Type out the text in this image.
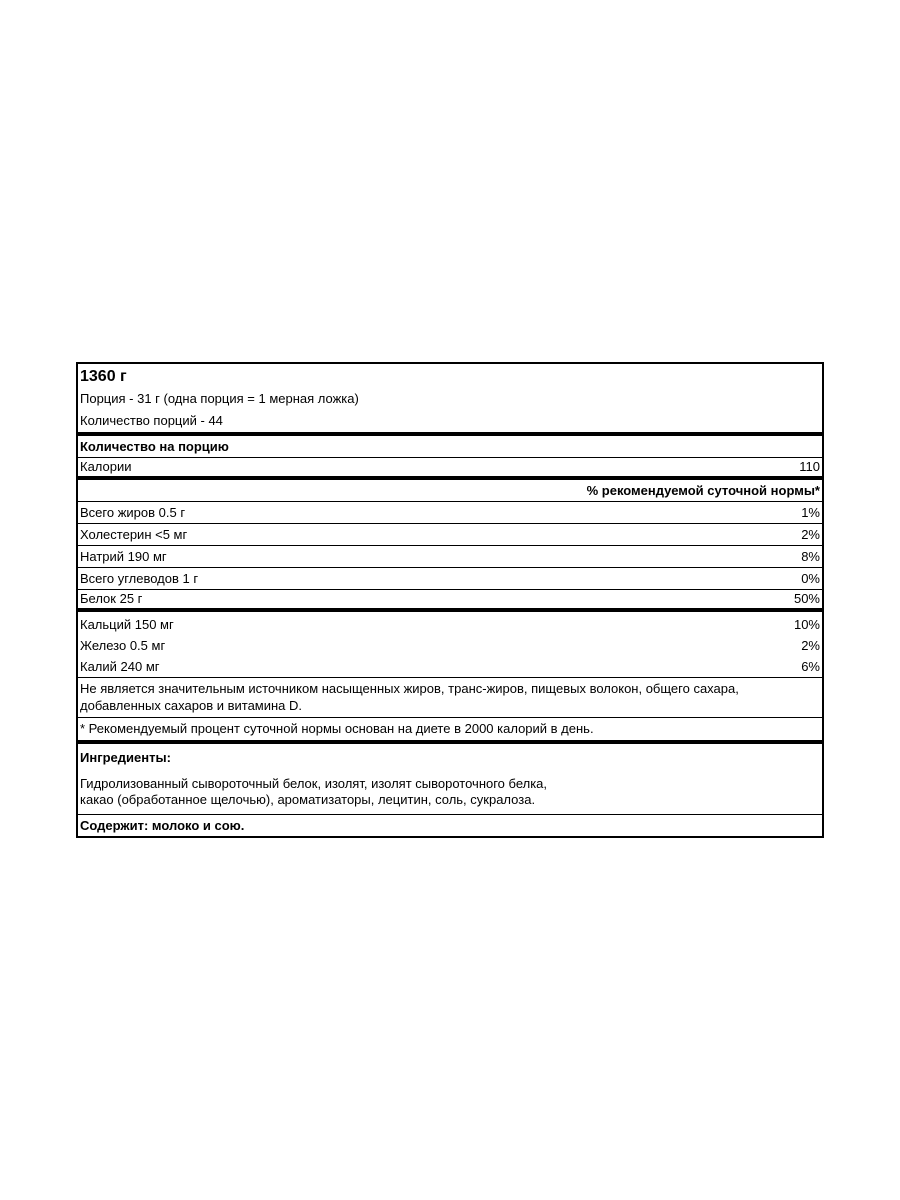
1360 г
Порция - 31 г (одна порция = 1 мерная ложка)
Количество порций - 44
Количество на порцию
Калории	110
% рекомендуемой суточной нормы*
Всего жиров 0.5 г	1%
Холестерин <5 мг	2%
Натрий 190 мг	8%
Всего углеводов 1 г	0%
Белок 25 г	50%
Кальций 150 мг	10%
Железо 0.5 мг	2%
Калий 240 мг	6%
Не является значительным источником насыщенных жиров, транс-жиров, пищевых волокон, общего сахара, добавленных сахаров и витамина D.
* Рекомендуемый процент суточной нормы основан на диете в 2000 калорий в день.
Ингредиенты:
Гидролизованный сывороточный белок, изолят, изолят сывороточного белка,
какао (обработанное щелочью), ароматизаторы, лецитин, соль, сукралоза.
Содержит: молоко и сою.
